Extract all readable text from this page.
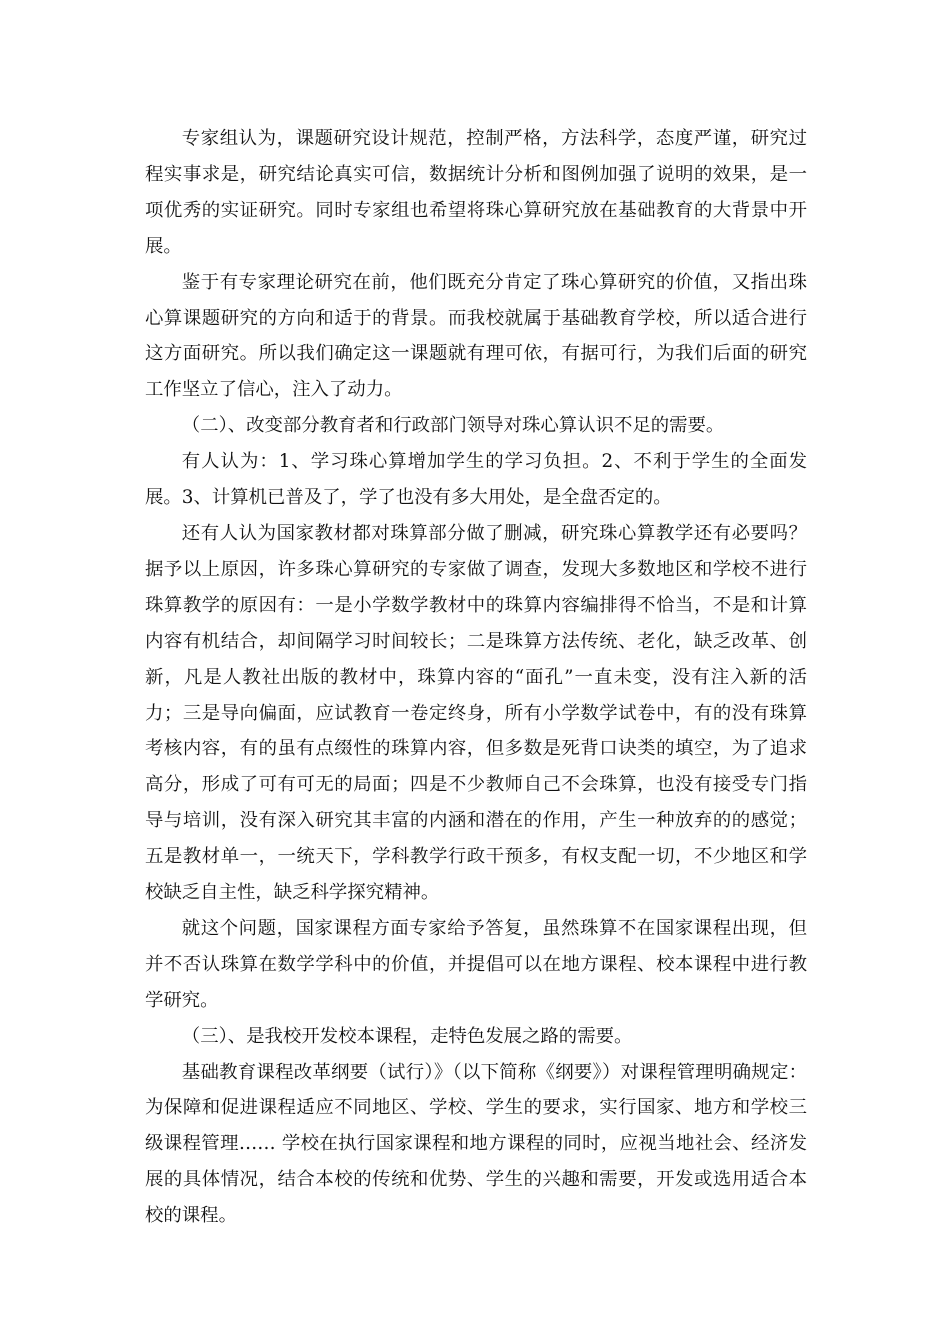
专家组认为，课题研究设计规范，控制严格，方法科学，态度严谨，研究过程实事求是，研究结论真实可信，数据统计分析和图例加强了说明的效果，是一项优秀的实证研究。同时专家组也希望将珠心算研究放在基础教育的大背景中开展。

鉴于有专家理论研究在前，他们既充分肯定了珠心算研究的价值，又指出珠心算课题研究的方向和适于的背景。而我校就属于基础教育学校，所以适合进行这方面研究。所以我们确定这一课题就有理可依，有据可行，为我们后面的研究工作坚立了信心，注入了动力。

（二）、改变部分教育者和行政部门领导对珠心算认识不足的需要。

有人认为：1、学习珠心算增加学生的学习负担。2、不利于学生的全面发展。3、计算机已普及了，学了也没有多大用处，是全盘否定的。

还有人认为国家教材都对珠算部分做了删减，研究珠心算教学还有必要吗？据予以上原因，许多珠心算研究的专家做了调查，发现大多数地区和学校不进行珠算教学的原因有：一是小学数学教材中的珠算内容编排得不恰当，不是和计算内容有机结合，却间隔学习时间较长；二是珠算方法传统、老化，缺乏改革、创新，凡是人教社出版的教材中，珠算内容的“面孔”一直未变，没有注入新的活力；三是导向偏面，应试教育一卷定终身，所有小学数学试卷中，有的没有珠算考核内容，有的虽有点缀性的珠算内容，但多数是死背口诀类的填空，为了追求高分，形成了可有可无的局面；四是不少教师自己不会珠算，也没有接受专门指导与培训，没有深入研究其丰富的内涵和潜在的作用，产生一种放弃的的感觉；五是教材单一，一统天下，学科教学行政干预多，有权支配一切，不少地区和学校缺乏自主性，缺乏科学探究精神。

就这个问题，国家课程方面专家给予答复，虽然珠算不在国家课程出现，但并不否认珠算在数学学科中的价值，并提倡可以在地方课程、校本课程中进行教学研究。

（三）、是我校开发校本课程，走特色发展之路的需要。

基础教育课程改革纲要（试行）》（以下简称《纲要》）对课程管理明确规定：为保障和促进课程适应不同地区、学校、学生的要求，实行国家、地方和学校三级课程管理…… 学校在执行国家课程和地方课程的同时，应视当地社会、经济发展的具体情况，结合本校的传统和优势、学生的兴趣和需要，开发或选用适合本校的课程。
